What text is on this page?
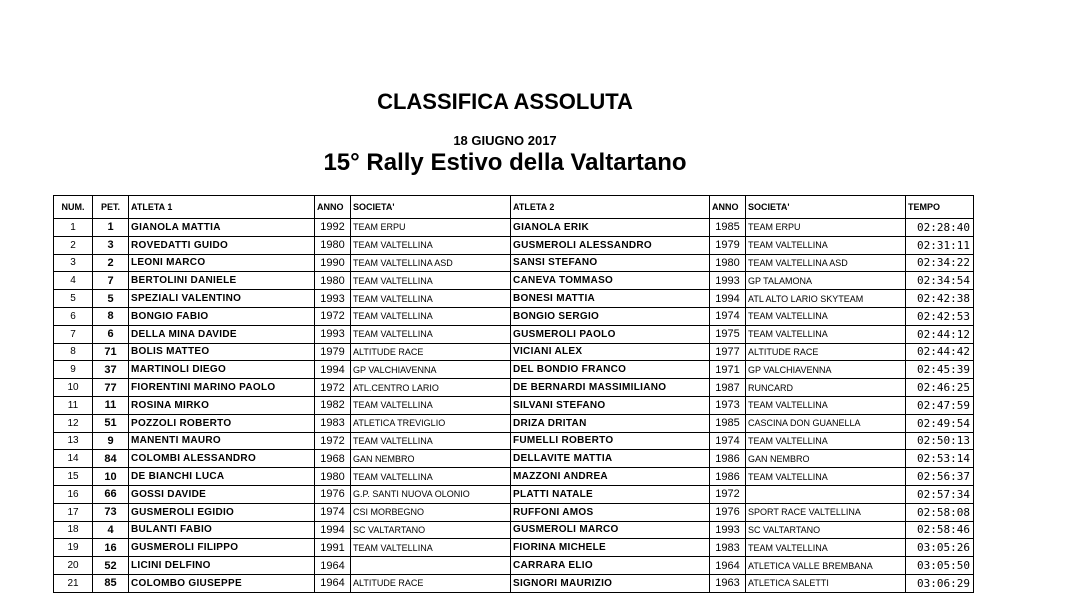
CLASSIFICA ASSOLUTA
18 GIUGNO 2017
15° Rally Estivo della Valtartano
NUM.	PET.	ATLETA 1	ANNO	SOCIETA'	ATLETA 2	ANNO	SOCIETA'	TEMPO
1	1	GIANOLA MATTIA	1992	TEAM ERPU	GIANOLA ERIK	1985	TEAM ERPU	02:28:40
2	3	ROVEDATTI GUIDO	1980	TEAM VALTELLINA	GUSMEROLI ALESSANDRO	1979	TEAM VALTELLINA	02:31:11
3	2	LEONI MARCO	1990	TEAM VALTELLINA ASD	SANSI STEFANO	1980	TEAM VALTELLINA ASD	02:34:22
4	7	BERTOLINI DANIELE	1980	TEAM VALTELLINA	CANEVA TOMMASO	1993	GP TALAMONA	02:34:54
5	5	SPEZIALI VALENTINO	1993	TEAM VALTELLINA	BONESI MATTIA	1994	ATL ALTO LARIO SKYTEAM	02:42:38
6	8	BONGIO FABIO	1972	TEAM VALTELLINA	BONGIO SERGIO	1974	TEAM VALTELLINA	02:42:53
7	6	DELLA MINA DAVIDE	1993	TEAM VALTELLINA	GUSMEROLI PAOLO	1975	TEAM VALTELLINA	02:44:12
8	71	BOLIS MATTEO	1979	ALTITUDE RACE	VICIANI ALEX	1977	ALTITUDE RACE	02:44:42
9	37	MARTINOLI DIEGO	1994	GP VALCHIAVENNA	DEL BONDIO FRANCO	1971	GP VALCHIAVENNA	02:45:39
10	77	FIORENTINI MARINO PAOLO	1972	ATL.CENTRO LARIO	DE BERNARDI MASSIMILIANO	1987	RUNCARD	02:46:25
11	11	ROSINA MIRKO	1982	TEAM VALTELLINA	SILVANI STEFANO	1973	TEAM VALTELLINA	02:47:59
12	51	POZZOLI ROBERTO	1983	ATLETICA TREVIGLIO	DRIZA DRITAN	1985	CASCINA DON GUANELLA	02:49:54
13	9	MANENTI MAURO	1972	TEAM VALTELLINA	FUMELLI ROBERTO	1974	TEAM VALTELLINA	02:50:13
14	84	COLOMBI ALESSANDRO	1968	GAN NEMBRO	DELLAVITE MATTIA	1986	GAN NEMBRO	02:53:14
15	10	DE BIANCHI LUCA	1980	TEAM VALTELLINA	MAZZONI ANDREA	1986	TEAM VALTELLINA	02:56:37
16	66	GOSSI DAVIDE	1976	G.P. SANTI NUOVA OLONIO	PLATTI NATALE	1972		02:57:34
17	73	GUSMEROLI EGIDIO	1974	CSI MORBEGNO	RUFFONI AMOS	1976	SPORT RACE VALTELLINA	02:58:08
18	4	BULANTI FABIO	1994	SC VALTARTANO	GUSMEROLI MARCO	1993	SC VALTARTANO	02:58:46
19	16	GUSMEROLI FILIPPO	1991	TEAM VALTELLINA	FIORINA MICHELE	1983	TEAM VALTELLINA	03:05:26
20	52	LICINI DELFINO	1964		CARRARA ELIO	1964	ATLETICA VALLE BREMBANA	03:05:50
21	85	COLOMBO GIUSEPPE	1964	ALTITUDE RACE	SIGNORI MAURIZIO	1963	ATLETICA SALETTI	03:06:29
